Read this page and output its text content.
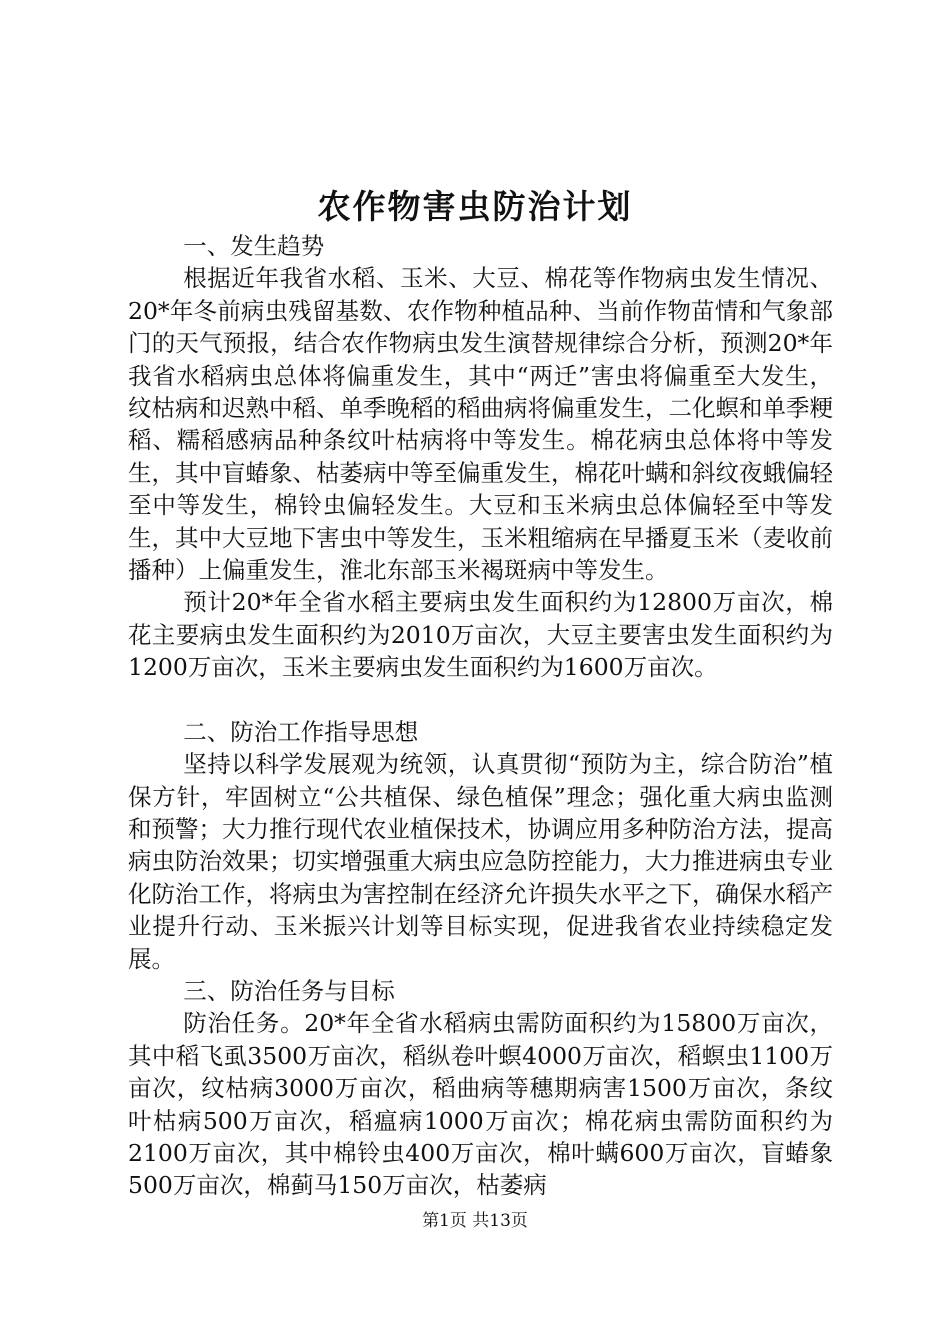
农作物害虫防治计划

一、发生趋势

根据近年我省水稻、玉米、大豆、棉花等作物病虫发生情况、20*年冬前病虫残留基数、农作物种植品种、当前作物苗情和气象部门的天气预报，结合农作物病虫发生演替规律综合分析，预测20*年我省水稻病虫总体将偏重发生，其中“两迁”害虫将偏重至大发生，纹枯病和迟熟中稻、单季晚稻的稻曲病将偏重发生，二化螟和单季粳稻、糯稻感病品种条纹叶枯病将中等发生。棉花病虫总体将中等发生，其中盲蝽象、枯萎病中等至偏重发生，棉花叶螨和斜纹夜蛾偏轻至中等发生，棉铃虫偏轻发生。大豆和玉米病虫总体偏轻至中等发生，其中大豆地下害虫中等发生，玉米粗缩病在早播夏玉米（麦收前播种）上偏重发生，淮北东部玉米褐斑病中等发生。

预计20*年全省水稻主要病虫发生面积约为12800万亩次，棉花主要病虫发生面积约为2010万亩次，大豆主要害虫发生面积约为1200万亩次，玉米主要病虫发生面积约为1600万亩次。

二、防治工作指导思想

坚持以科学发展观为统领，认真贯彻“预防为主，综合防治”植保方针，牢固树立“公共植保、绿色植保”理念；强化重大病虫监测和预警；大力推行现代农业植保技术，协调应用多种防治方法，提高病虫防治效果；切实增强重大病虫应急防控能力，大力推进病虫专业化防治工作，将病虫为害控制在经济允许损失水平之下，确保水稻产业提升行动、玉米振兴计划等目标实现，促进我省农业持续稳定发展。

三、防治任务与目标

防治任务。20*年全省水稻病虫需防面积约为15800万亩次，其中稻飞虱3500万亩次，稻纵卷叶螟4000万亩次，稻螟虫1100万亩次，纹枯病3000万亩次，稻曲病等穗期病害1500万亩次，条纹叶枯病500万亩次，稻瘟病1000万亩次；棉花病虫需防面积约为2100万亩次，其中棉铃虫400万亩次，棉叶螨600万亩次，盲蝽象500万亩次，棉蓟马150万亩次，枯萎病

第1页 共13页
